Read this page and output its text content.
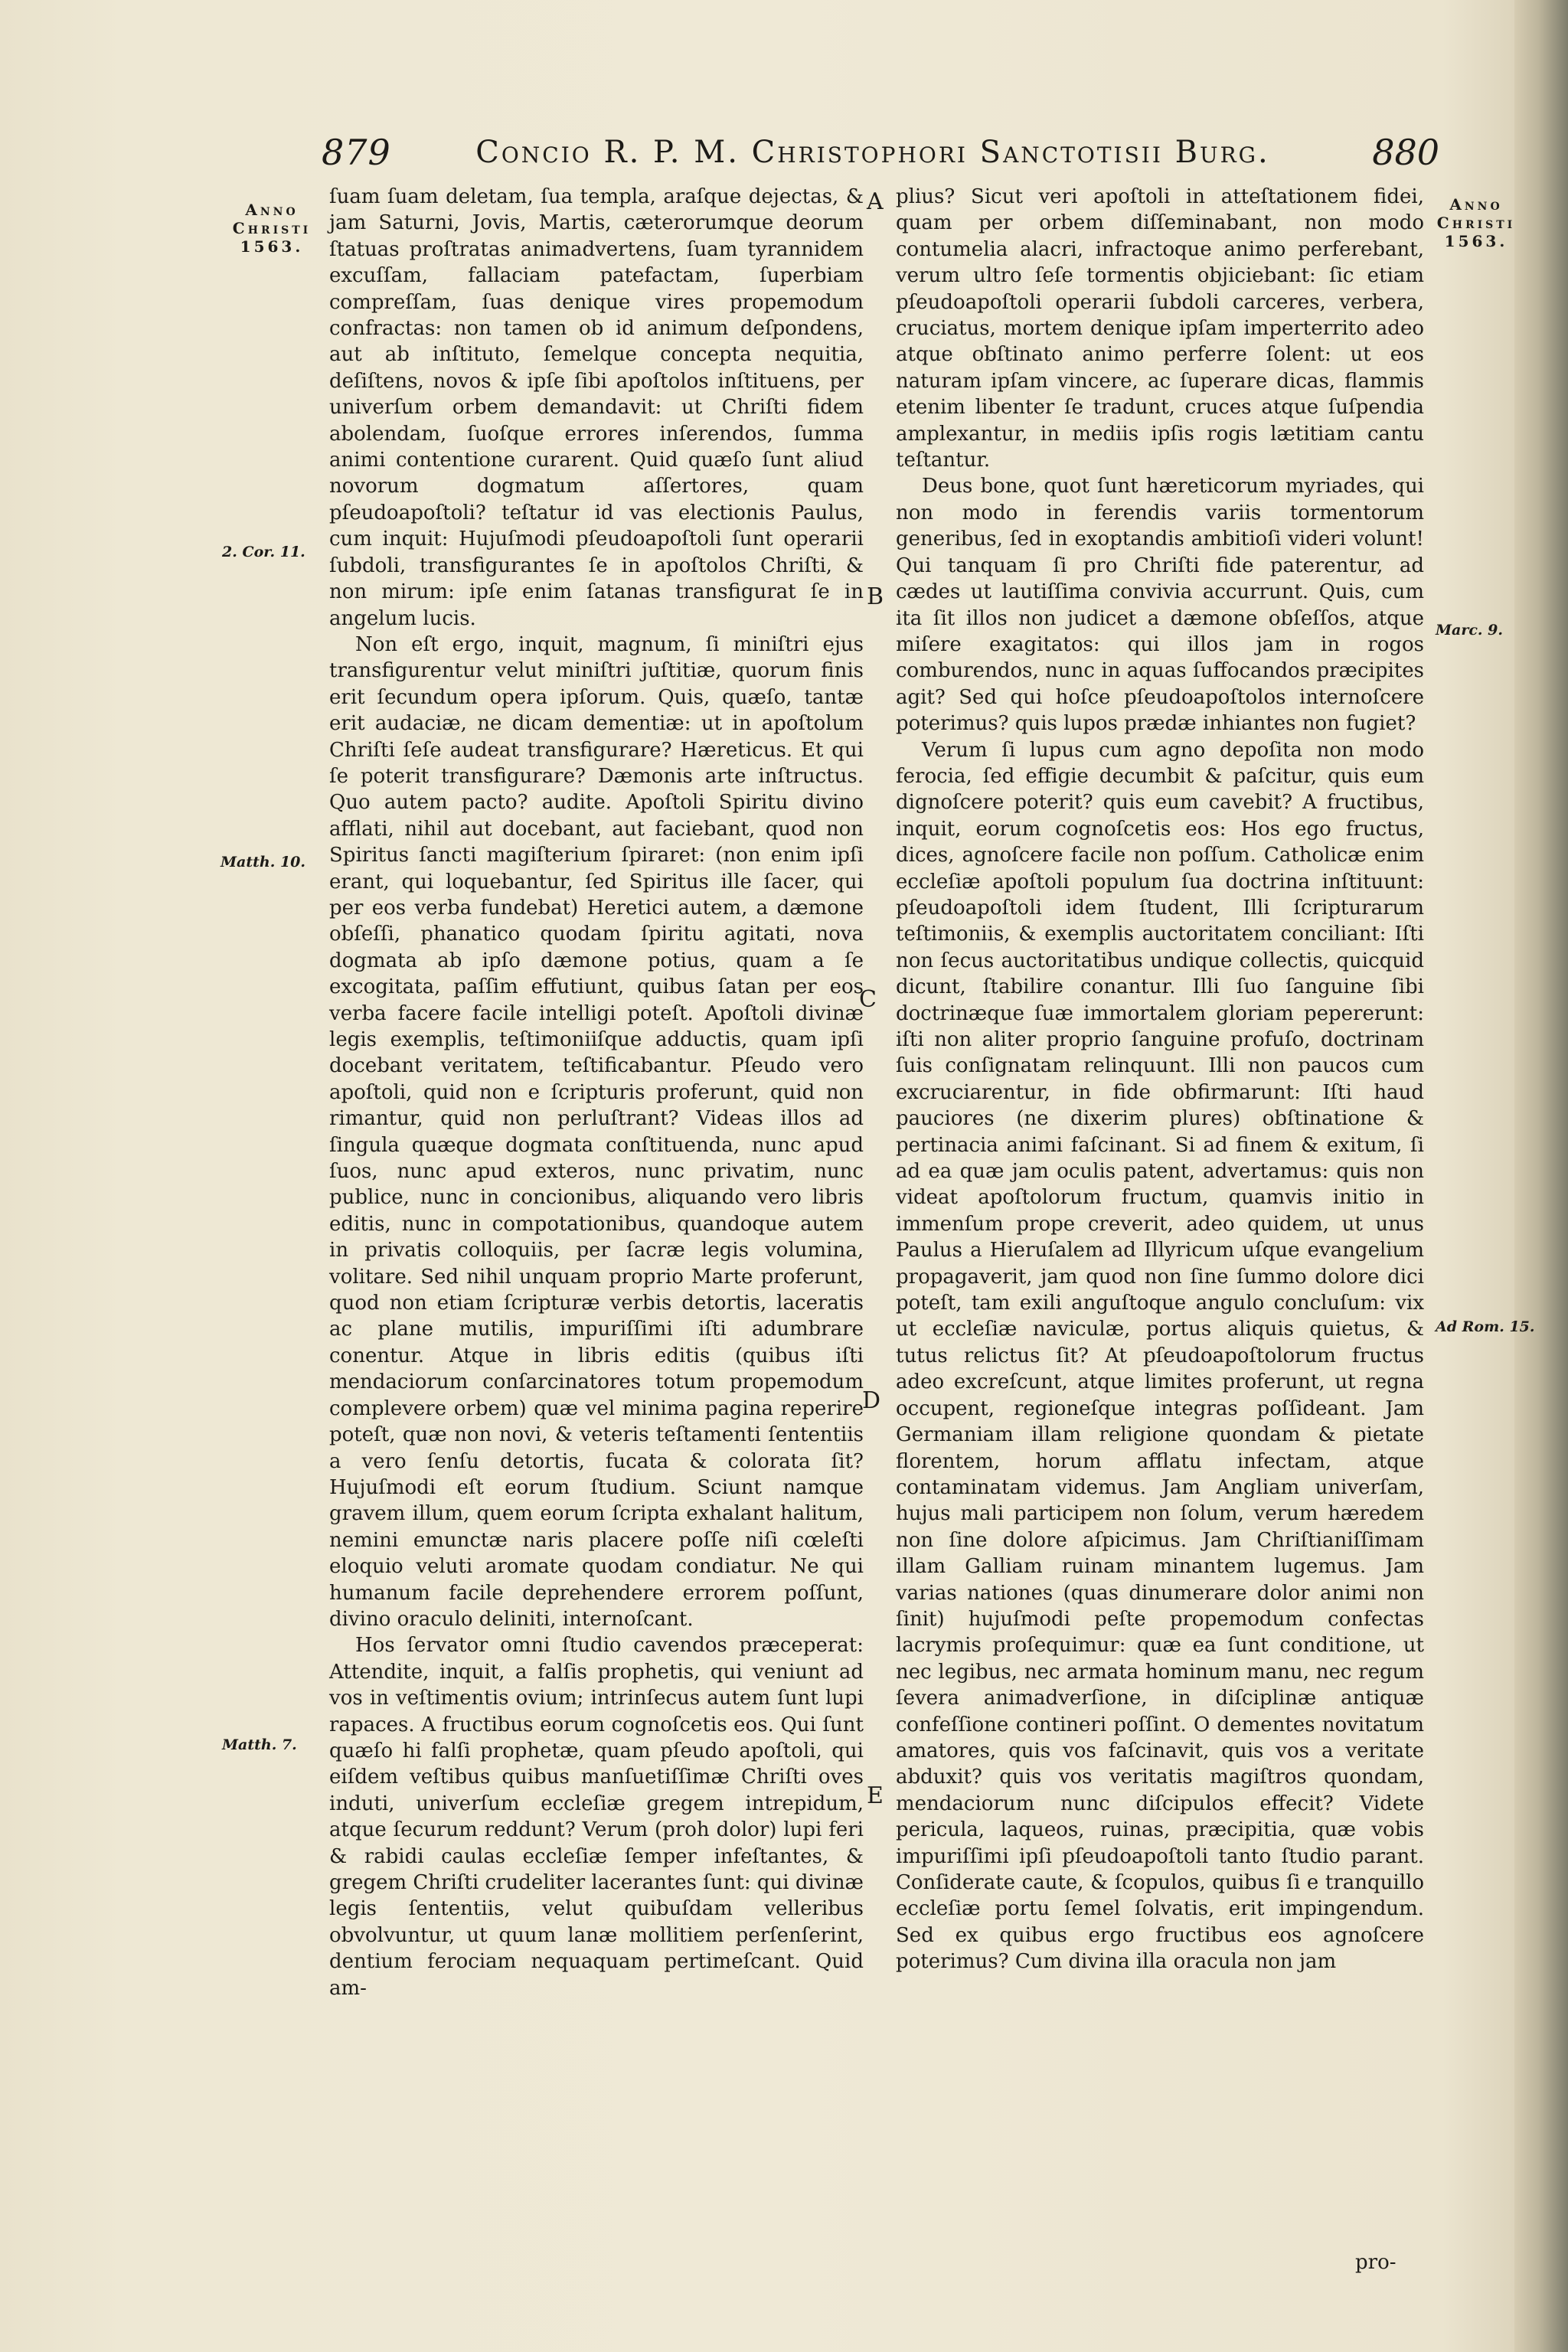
879	Concio R. P. M. Christophori Sanctotisii Burg.	880
Anno
Christi
1563.
Anno
Christi
1563.
2. Cor. 11.
Matth. 10.
Matth. 7.
Marc. 9.
Ad Rom. 15.
A
B
C
D
E

ſuam ſuam deletam, ſua templa, araſque dejectas, & jam Saturni, Jovis, Martis, cæterorumque deorum ſtatuas proſtratas animadvertens, ſuam tyrannidem excuſſam, fallaciam patefactam, ſuperbiam compreſſam, ſuas denique vires propemodum confractas: non tamen ob id animum deſpondens, aut ab inſtituto, ſemelque concepta nequitia, deſiſtens, novos & ipſe ſibi apoſtolos inſtituens, per univerſum orbem demandavit: ut Chriſti fidem abolendam, ſuoſque errores inſerendos, ſumma animi contentione curarent. Quid quæſo ſunt aliud novorum dogmatum aſſertores, quam pſeudoapoſtoli? teſtatur id vas electionis Paulus, cum inquit: Hujuſmodi pſeudoapoſtoli ſunt operarii ſubdoli, transfigurantes ſe in apoſtolos Chriſti, & non mirum: ipſe enim ſatanas transfigurat ſe in angelum lucis.

Non eſt ergo, inquit, magnum, ſi miniſtri ejus transfigurentur velut miniſtri juſtitiæ, quorum finis erit ſecundum opera ipſorum. Quis, quæſo, tantæ erit audaciæ, ne dicam dementiæ: ut in apoſtolum Chriſti ſeſe audeat transfigurare? Hæreticus. Et qui ſe poterit transfigurare? Dæmonis arte inſtructus. Quo autem pacto? audite. Apoſtoli Spiritu divino afflati, nihil aut docebant, aut faciebant, quod non Spiritus ſancti magiſterium ſpiraret: (non enim ipſi erant, qui loquebantur, ſed Spiritus ille ſacer, qui per eos verba fundebat) Heretici autem, a dæmone obſeſſi, phanatico quodam ſpiritu agitati, nova dogmata ab ipſo dæmone potius, quam a ſe excogitata, paſſim effutiunt, quibus ſatan per eos verba facere facile intelligi poteſt. Apoſtoli divinæ legis exemplis, teſtimoniiſque adductis, quam ipſi docebant veritatem, teſtificabantur. Pſeudo vero apoſtoli, quid non e ſcripturis proferunt, quid non rimantur, quid non perluſtrant? Videas illos ad ſingula quæque dogmata conſtituenda, nunc apud ſuos, nunc apud exteros, nunc privatim, nunc publice, nunc in concionibus, aliquando vero libris editis, nunc in compotationibus, quandoque autem in privatis colloquiis, per ſacræ legis volumina, volitare. Sed nihil unquam proprio Marte proferunt, quod non etiam ſcripturæ verbis detortis, laceratis ac plane mutilis, impuriſſimi iſti adumbrare conentur. Atque in libris editis (quibus iſti mendaciorum conſarcinatores totum propemodum complevere orbem) quæ vel minima pagina reperire poteſt, quæ non novi, & veteris teſtamenti ſententiis a vero ſenſu detortis, fucata & colorata ſit? Hujuſmodi eſt eorum ſtudium. Sciunt namque gravem illum, quem eorum ſcripta exhalant halitum, nemini emunctæ naris placere poſſe niſi cœleſti eloquio veluti aromate quodam condiatur. Ne qui humanum facile deprehendere errorem poſſunt, divino oraculo deliniti, internoſcant.

Hos ſervator omni ſtudio cavendos præceperat: Attendite, inquit, a falſis prophetis, qui veniunt ad vos in veſtimentis ovium; intrinſecus autem ſunt lupi rapaces. A fructibus eorum cognoſcetis eos. Qui ſunt quæſo hi falſi prophetæ, quam pſeudo apoſtoli, qui eiſdem veſtibus quibus manſuetiſſimæ Chriſti oves induti, univerſum eccleſiæ gregem intrepidum, atque ſecurum reddunt? Verum (proh dolor) lupi feri & rabidi caulas eccleſiæ ſemper infeſtantes, & gregem Chriſti crudeliter lacerantes ſunt: qui divinæ legis ſententiis, velut quibuſdam velleribus obvolvuntur, ut quum lanæ mollitiem perſenſerint, dentium ferociam nequaquam pertimeſcant. Quid am-

plius? Sicut veri apoſtoli in atteſtationem fidei, quam per orbem diſſeminabant, non modo contumelia alacri, infractoque animo perferebant, verum ultro ſeſe tormentis objiciebant: ſic etiam pſeudoapoſtoli operarii ſubdoli carceres, verbera, cruciatus, mortem denique ipſam imperterrito adeo atque obſtinato animo perferre ſolent: ut eos naturam ipſam vincere, ac ſuperare dicas, flammis etenim libenter ſe tradunt, cruces atque ſuſpendia amplexantur, in mediis ipſis rogis lætitiam cantu teſtantur.

Deus bone, quot ſunt hæreticorum myriades, qui non modo in ferendis variis tormentorum generibus, ſed in exoptandis ambitioſi videri volunt! Qui tanquam ſi pro Chriſti fide paterentur, ad cædes ut lautiſſima convivia accurrunt. Quis, cum ita ſit illos non judicet a dæmone obſeſſos, atque miſere exagitatos: qui illos jam in rogos comburendos, nunc in aquas ſuffocandos præcipites agit? Sed qui hoſce pſeudoapoſtolos internoſcere poterimus? quis lupos prædæ inhiantes non fugiet?

Verum ſi lupus cum agno depoſita non modo ferocia, ſed effigie decumbit & paſcitur, quis eum dignoſcere poterit? quis eum cavebit? A fructibus, inquit, eorum cognoſcetis eos: Hos ego fructus, dices, agnoſcere facile non poſſum. Catholicæ enim eccleſiæ apoſtoli populum ſua doctrina inſtituunt: pſeudoapoſtoli idem ſtudent, Illi ſcripturarum teſtimoniis, & exemplis auctoritatem conciliant: Iſti non ſecus auctoritatibus undique collectis, quicquid dicunt, ſtabilire conantur. Illi ſuo ſanguine ſibi doctrinæque ſuæ immortalem gloriam pepererunt: iſti non aliter proprio ſanguine profuſo, doctrinam ſuis conſignatam relinquunt. Illi non paucos cum excruciarentur, in fide obfirmarunt: Iſti haud pauciores (ne dixerim plures) obſtinatione & pertinacia animi faſcinant. Si ad finem & exitum, ſi ad ea quæ jam oculis patent, advertamus: quis non videat apoſtolorum fructum, quamvis initio in immenſum prope creverit, adeo quidem, ut unus Paulus a Hieruſalem ad Illyricum uſque evangelium propagaverit, jam quod non ſine ſummo dolore dici poteſt, tam exili anguſtoque angulo concluſum: vix ut eccleſiæ naviculæ, portus aliquis quietus, & tutus relictus ſit? At pſeudoapoſtolorum fructus adeo excreſcunt, atque limites proferunt, ut regna occupent, regioneſque integras poſſideant. Jam Germaniam illam religione quondam & pietate florentem, horum afflatu infectam, atque contaminatam videmus. Jam Angliam univerſam, hujus mali participem non ſolum, verum hæredem non ſine dolore aſpicimus. Jam Chriſtianiſſimam illam Galliam ruinam minantem lugemus. Jam varias nationes (quas dinumerare dolor animi non ſinit) hujuſmodi peſte propemodum confectas lacrymis proſequimur: quæ ea ſunt conditione, ut nec legibus, nec armata hominum manu, nec regum ſevera animadverſione, in diſciplinæ antiquæ confeſſione contineri poſſint. O dementes novitatum amatores, quis vos faſcinavit, quis vos a veritate abduxit? quis vos veritatis magiſtros quondam, mendaciorum nunc diſcipulos effecit? Videte pericula, laqueos, ruinas, præcipitia, quæ vobis impuriſſimi ipſi pſeudoapoſtoli tanto ſtudio parant. Conſiderate caute, & ſcopulos, quibus ſi e tranquillo eccleſiæ portu ſemel ſolvatis, erit impingendum. Sed ex quibus ergo fructibus eos agnoſcere poterimus? Cum divina illa oracula non jam

pro-
